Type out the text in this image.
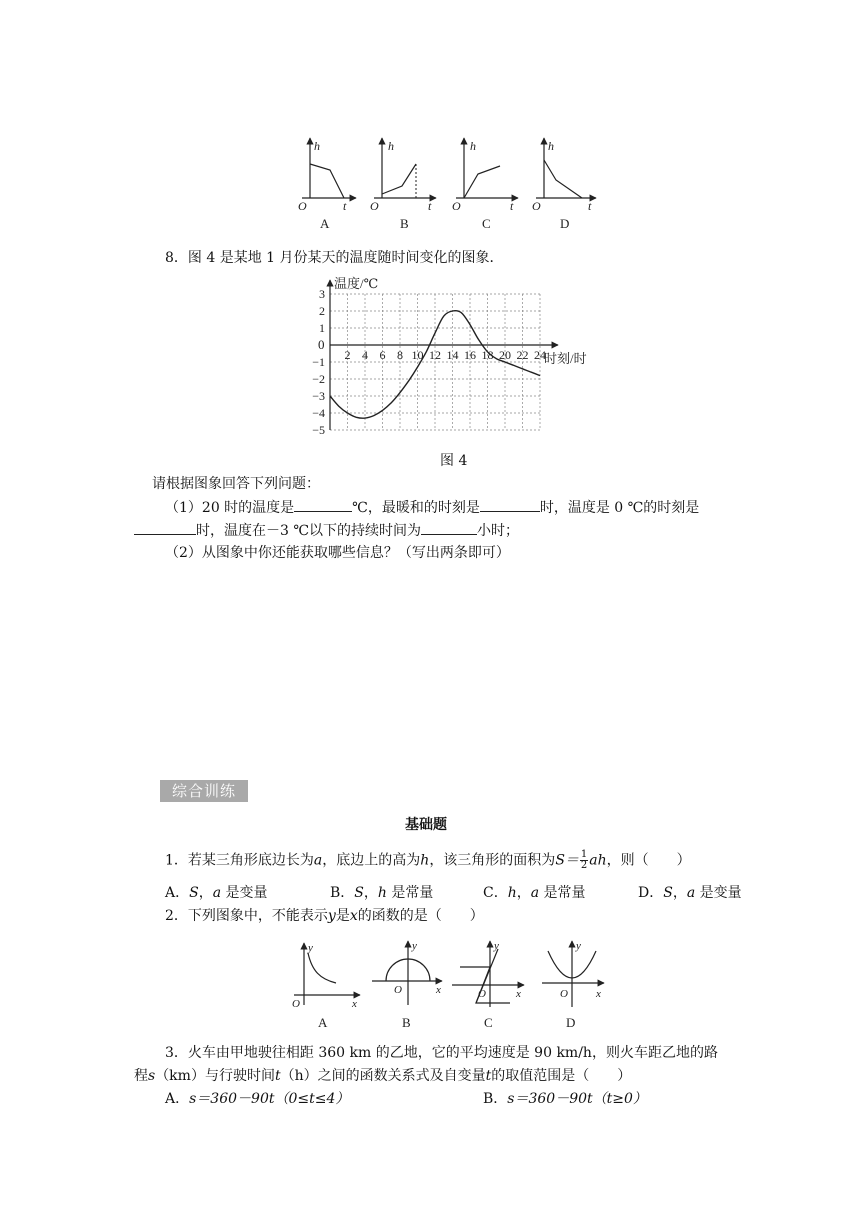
h
t
O
A
h
t
O
B
h
t
O
C
h
t
O
D
8．图 4 是某地 1 月份某天的温度随时间变化的图象．
2 4 6 8 10 12 14 16 18 20 22 24
3
2
1
−1
−2
−3
−4
−5
温度/℃
时刻/时
0
图 4
请根据图象回答下列问题：
（1）20 时的温度是	℃，最暖和的时刻是	时，温度是 0 ℃的时刻是
时，温度在－3 ℃以下的持续时间为	小时；
（2）从图象中你还能获取哪些信息？（写出两条即可）
综合训练
基础题
1．若某三角形底边长为a，底边上的高为h，该三角形的面积为$S= \frac{1}{2}$ ah，则（　　）
A．S，a 是变量	B．S，h 是常量	C．h，a 是常量	D．S，a 是变量
2．下列图象中，不能表示y是x的函数的是（　　）
y
x
O
A
y
x
O
B
y
x
O
C
y
x
O
D
3．火车由甲地驶往相距 360 km 的乙地，它的平均速度是 90 km/h，则火车距乙地的路
程s（km）与行驶时间t（h）之间的函数关系式及自变量t的取值范围是（　　）
A．s＝360－90t（0≤t≤4）	B．s＝360－90t（t≥0）
